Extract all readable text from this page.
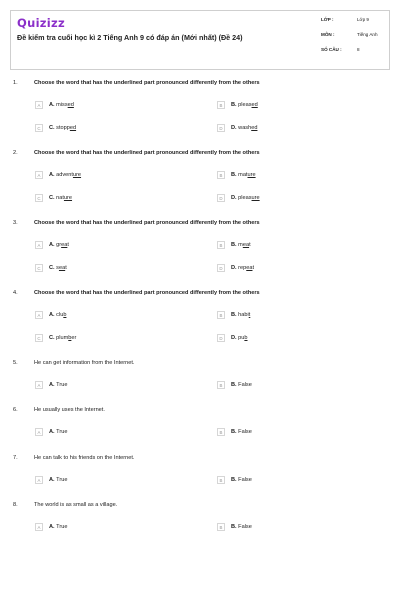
Quizizz
Đề kiểm tra cuối học kì 2 Tiếng Anh 9 có đáp án (Mới nhất) (Đề 24)
LỚP :	Lớp 9
MÔN :	Tiếng Anh
SỐ CÂU :	8
1.	Choose the word that has the underlined part pronounced differently from the others
A A. missed	B B. pleased
C C. stopped	D D. washed
2.	Choose the word that has the underlined part pronounced differently from the others
A A. adventure	B B. mature
C C. nature	D D. pleasure
3.	Choose the word that has the underlined part pronounced differently from the others
A A. great	B B. meat
C C. seat	D D. repeat
4.	Choose the word that has the underlined part pronounced differently from the others
A A. club	B B. habit
C C. plumber	D D. pub
5.	He can get information from the Internet.
A A. True	B B. False
6.	He usually uses the Internet.
A A. True	B B. False
7.	He can talk to his friends on the Internet.
A A. True	B B. False
8.	The world is as small as a village.
A A. True	B B. False
